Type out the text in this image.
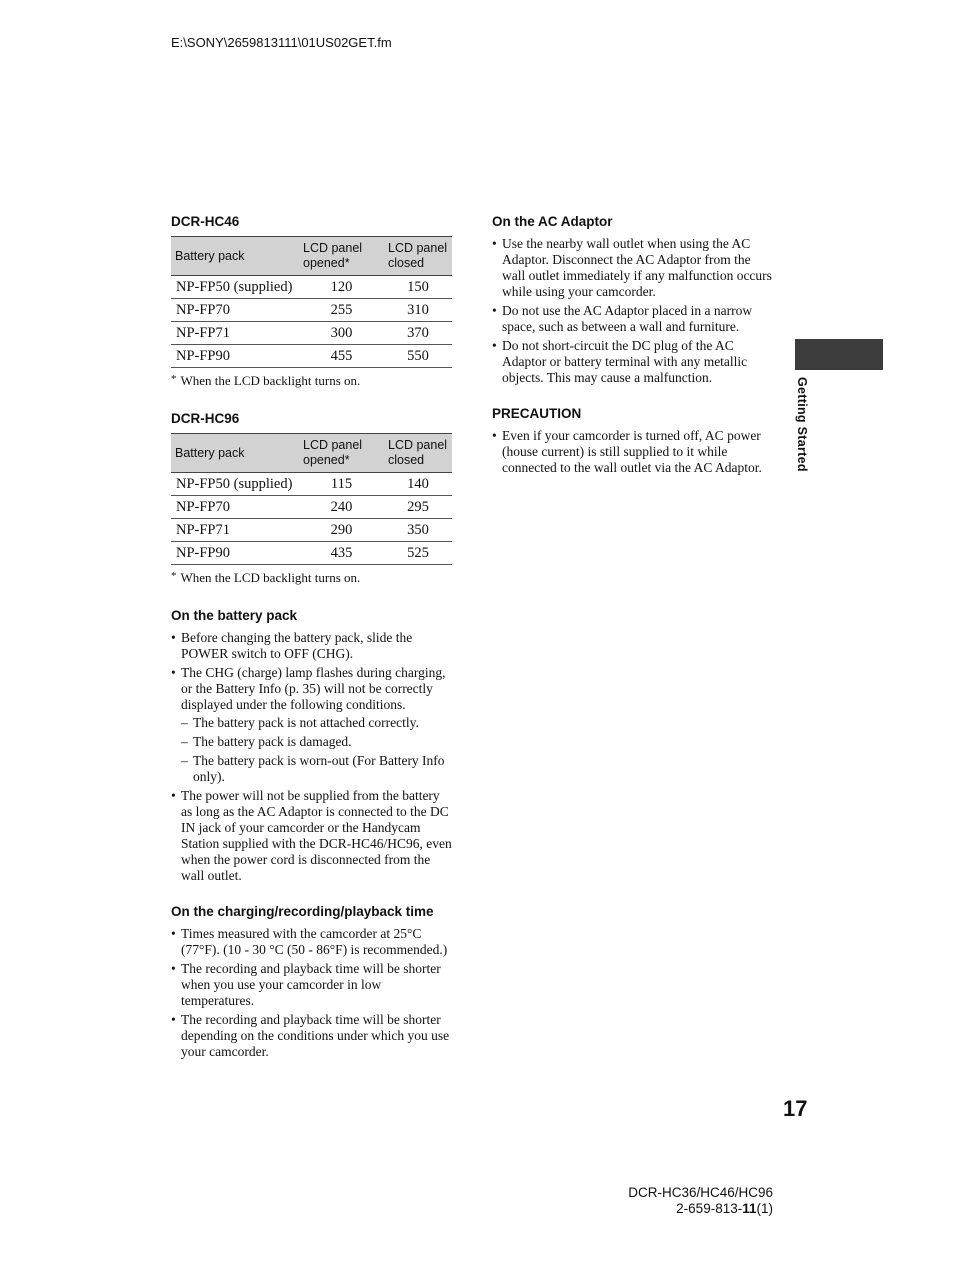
E:\SONY\2659813111\01US02GET.fm
DCR-HC46
Battery pack	LCD panel opened*	LCD panel closed
NP-FP50 (supplied)	120	150
NP-FP70	255	310
NP-FP71	300	370
NP-FP90	455	550

* When the LCD backlight turns on.

DCR-HC96
Battery pack	LCD panel opened*	LCD panel closed
NP-FP50 (supplied)	115	140
NP-FP70	240	295
NP-FP71	290	350
NP-FP90	435	525

* When the LCD backlight turns on.

On the battery pack
• Before changing the battery pack, slide the POWER switch to OFF (CHG).
• The CHG (charge) lamp flashes during charging, or the Battery Info (p. 35) will not be correctly displayed under the following conditions.
– The battery pack is not attached correctly.
– The battery pack is damaged.
– The battery pack is worn-out (For Battery Info only).
• The power will not be supplied from the battery as long as the AC Adaptor is connected to the DC IN jack of your camcorder or the Handycam Station supplied with the DCR-HC46/HC96, even when the power cord is disconnected from the wall outlet.
On the charging/recording/playback time
• Times measured with the camcorder at 25°C (77°F). (10 - 30 °C (50 - 86°F) is recommended.)
• The recording and playback time will be shorter when you use your camcorder in low temperatures.
• The recording and playback time will be shorter depending on the conditions under which you use your camcorder.
On the AC Adaptor
• Use the nearby wall outlet when using the AC Adaptor. Disconnect the AC Adaptor from the wall outlet immediately if any malfunction occurs while using your camcorder.
• Do not use the AC Adaptor placed in a narrow space, such as between a wall and furniture.
• Do not short-circuit the DC plug of the AC Adaptor or battery terminal with any metallic objects. This may cause a malfunction.
PRECAUTION
• Even if your camcorder is turned off, AC power (house current) is still supplied to it while connected to the wall outlet via the AC Adaptor.	Getting Started
17
DCR-HC36/HC46/HC96
2-659-813-11(1)
